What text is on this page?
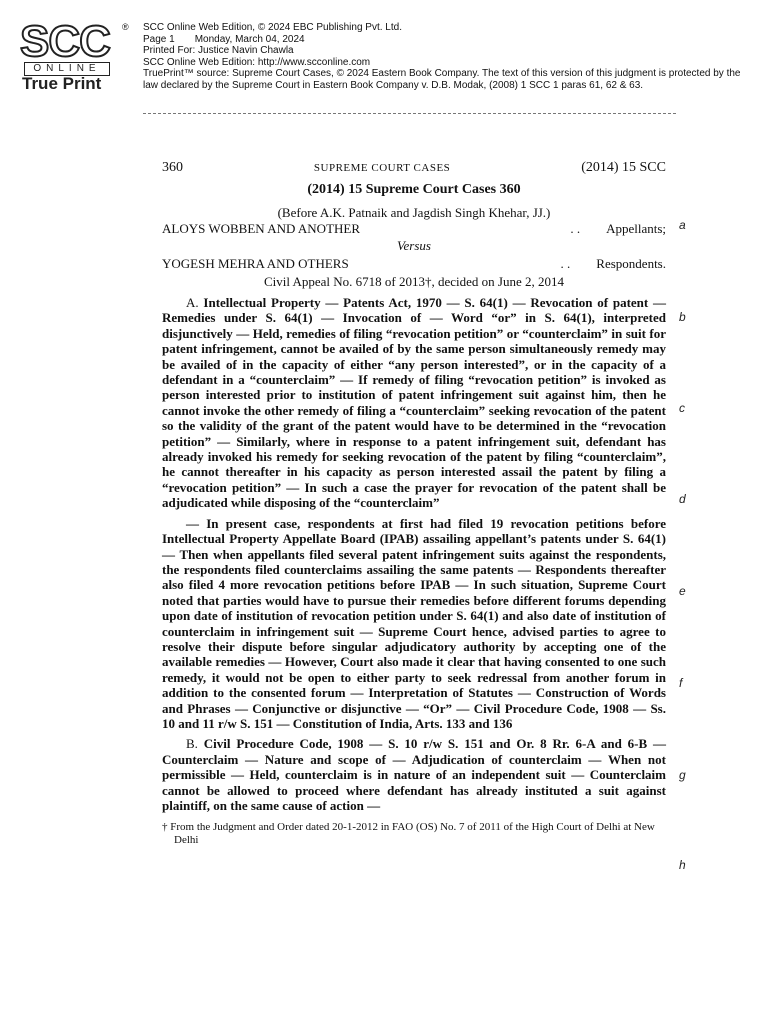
SCC ®
ONLINE
True Print
SCC Online Web Edition, © 2024 EBC Publishing Pvt. Ltd.
Page 1 Monday, March 04, 2024
Printed For: Justice Navin Chawla
SCC Online Web Edition: http://www.scconline.com
TruePrint™ source: Supreme Court Cases, © 2024 Eastern Book Company. The text of this version of this judgment is protected by the law declared by the Supreme Court in Eastern Book Company v. D.B. Modak, (2008) 1 SCC 1 paras 61, 62 & 63.
360	SUPREME COURT CASES	(2014) 15 SCC
(2014) 15 Supreme Court Cases 360
(Before A.K. Patnaik and Jagdish Singh Khehar, JJ.)
ALOYS WOBBEN AND ANOTHER	. . Appellants;
Versus
YOGESH MEHRA AND OTHERS	. . Respondents.
Civil Appeal No. 6718 of 2013†, decided on June 2, 2014
A. Intellectual Property — Patents Act, 1970 — S. 64(1) — Revocation of patent — Remedies under S. 64(1) — Invocation of — Word “or” in S. 64(1), interpreted disjunctively — Held, remedies of filing “revocation petition” or “counterclaim” in suit for patent infringement, cannot be availed of by the same person simultaneously remedy may be availed of in the capacity of either “any person interested”, or in the capacity of a defendant in a “counterclaim” — If remedy of filing “revocation petition” is invoked as person interested prior to institution of patent infringement suit against him, then he cannot invoke the other remedy of filing a “counterclaim” seeking revocation of the patent so the validity of the grant of the patent would have to be determined in the “revocation petition” — Similarly, where in response to a patent infringement suit, defendant has already invoked his remedy for seeking revocation of the patent by filing “counterclaim”, he cannot thereafter in his capacity as person interested assail the patent by filing a “revocation petition” — In such a case the prayer for revocation of the patent shall be adjudicated while disposing of the “counterclaim”
— In present case, respondents at first had filed 19 revocation petitions before Intellectual Property Appellate Board (IPAB) assailing appellant’s patents under S. 64(1) — Then when appellants filed several patent infringement suits against the respondents, the respondents filed counterclaims assailing the same patents — Respondents thereafter also filed 4 more revocation petitions before IPAB — In such situation, Supreme Court noted that parties would have to pursue their remedies before different forums depending upon date of institution of revocation petition under S. 64(1) and also date of institution of counterclaim in infringement suit — Supreme Court hence, advised parties to agree to resolve their dispute before singular adjudicatory authority by accepting one of the available remedies — However, Court also made it clear that having consented to one such remedy, it would not be open to either party to seek redressal from another forum in addition to the consented forum — Interpretation of Statutes — Construction of Words and Phrases — Conjunctive or disjunctive — “Or” — Civil Procedure Code, 1908 — Ss. 10 and 11 r/w S. 151 — Constitution of India, Arts. 133 and 136
B. Civil Procedure Code, 1908 — S. 10 r/w S. 151 and Or. 8 Rr. 6-A and 6-B — Counterclaim — Nature and scope of — Adjudication of counterclaim — When not permissible — Held, counterclaim is in nature of an independent suit — Counterclaim cannot be allowed to proceed where defendant has already instituted a suit against plaintiff, on the same cause of action —
† From the Judgment and Order dated 20-1-2012 in FAO (OS) No. 7 of 2011 of the High Court of Delhi at New Delhi
a
b
c
d
e
f
g
h
